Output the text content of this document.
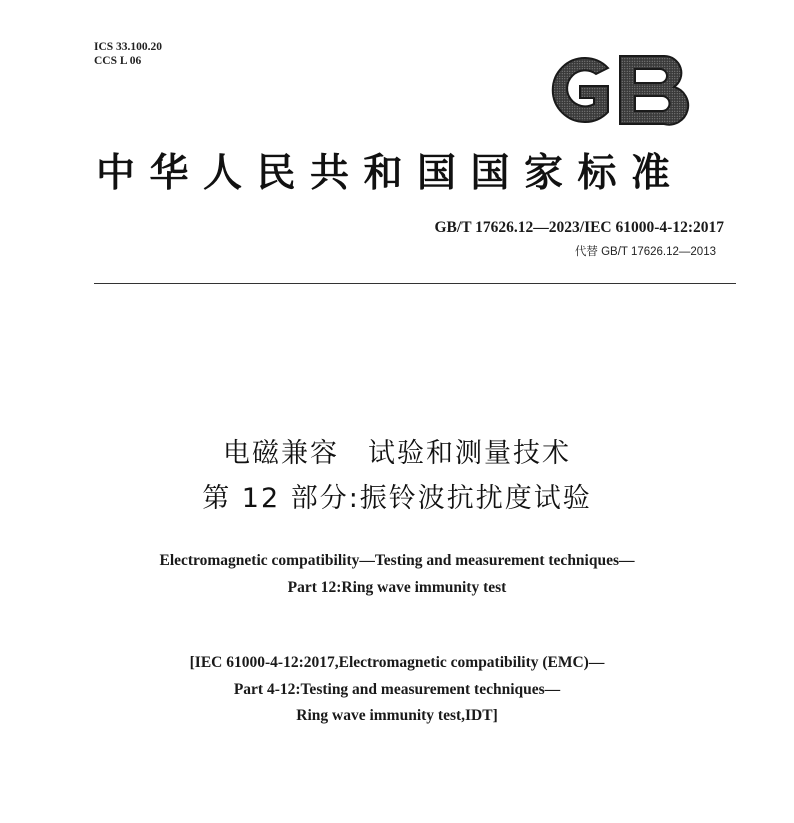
ICS 33.100.20
CCS L 06
中华人民共和国国家标准
GB/T 17626.12—2023/IEC 61000-4-12:2017
代替 GB/T 17626.12—2013
电磁兼容　试验和测量技术
第 12 部分:振铃波抗扰度试验
Electromagnetic compatibility—Testing and measurement techniques—
Part 12:Ring wave immunity test
[IEC 61000-4-12:2017,Electromagnetic compatibility (EMC)—
Part 4-12:Testing and measurement techniques—
Ring wave immunity test,IDT]
